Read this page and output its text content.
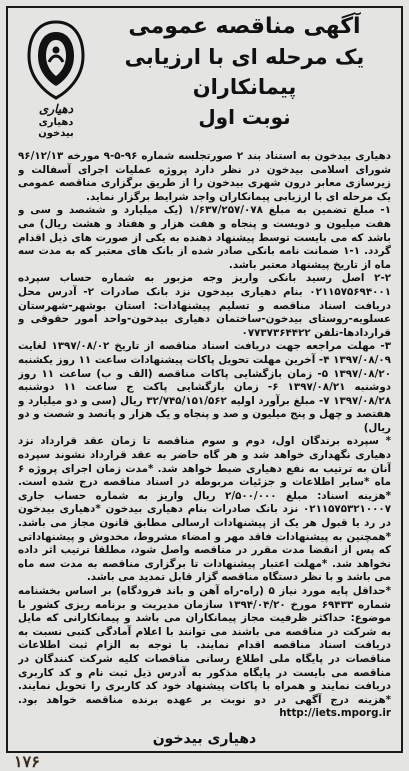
دهیاری
دهیاری بیدخون
آگهی مناقصه عمومی
یک مرحله ای با ارزیابی
پیمانکاران
نوبت اول

دهیاری بیدخون به استناد بند ۲ صورتجلسه شماره ۹۶-۵-۹ مورخه ۹۶/۱۲/۱۳ شورای اسلامی بیدخون در نظر دارد پروژه عملیات اجرای آسفالت و زیرسازی معابر درون شهری بیدخون را از طریق برگزاری مناقصه عمومی یک مرحله ای با ارزیابی پیمانکاران واجد شرایط برگزار نماید.

۱- مبلغ تضمین به مبلغ ۱/۶۳۷/۲۵۷/۰۷۸ (یک میلیارد و ششصد و سی و هفت میلیون و دویست و پنجاه و هفت هزار و هفتاد و هشت ریال) می باشد که می بایست توسط پیشنهاد دهنده به یکی از صورت های ذیل اقدام گردد. ۱-۱ ضمانت نامه بانکی صادر شده از بانک های معتبر که به مدت سه ماه از تاریخ پیشنهاد معتبر باشد.

۲-۲ اصل رسید بانکی واریز وجه مزبور به شماره حساب سپرده ۰۲۱۱۵۷۵۶۹۴۰۰۱ بنام دهیاری بیدخون نزد بانک صادرات ۲- آدرس محل دریافت اسناد مناقصه و تسلیم پیشنهادات: استان بوشهر-شهرستان عسلویه-روستای بیدخون-ساختمان دهیاری بیدخون-واحد امور حقوقی و قراردادها-تلفن ۰۷۷۳۷۳۶۴۴۲۲

۳- مهلت مراجعه جهت دریافت اسناد مناقصه از تاریخ ۱۳۹۷/۰۸/۰۲ لغایت ۱۳۹۷/۰۸/۰۹ ۴- آخرین مهلت تحویل پاکات پیشنهادات ساعت ۱۱ روز یکشنبه ۱۳۹۷/۰۸/۲۰ ۵- زمان بازگشایی پاکات مناقصه (الف و ب) ساعت ۱۱ روز دوشنبه ۱۳۹۷/۰۸/۲۱ ۶- زمان بازگشایی پاکت ج ساعت ۱۱ دوشنبه ۱۳۹۷/۰۸/۲۸ ۷- مبلغ برآورد اولیه ۳۲/۷۴۵/۱۵۱/۵۶۲ ریال (سی و دو میلیارد و هفتصد و چهل و پنج میلیون و صد و پنجاه و یک هزار و پانصد و شصت و دو ریال)

* سپرده برندگان اول، دوم و سوم مناقصه تا زمان عقد قرارداد نزد دهیاری نگهداری خواهد شد و هر گاه حاضر به عقد قرارداد نشوند سپرده آنان به ترتیب به نفع دهیاری ضبط خواهد شد. *مدت زمان اجرای پروژه ۶ ماه *سایر اطلاعات و جزئیات مربوطه در اسناد مناقصه درج شده است. *هزینه اسناد: مبلغ ۲/۵۰۰/۰۰۰ ریال واریز به شماره حساب جاری ۰۲۱۱۵۷۵۳۲۱۰۰۰۷ نزد بانک صادرات بنام دهیاری بیدخون *دهیاری بیدخون در رد یا قبول هر یک از پیشنهادات ارسالی مطابق قانون مجاز می باشد. *همچنین به پیشنهادات فاقد مهر و امضاء مشروط، مخدوش و پیشنهاداتی که پس از انقضا مدت مقرر در مناقصه واصل شود، مطلقا ترتیب اثر داده نخواهد شد. *مهلت اعتبار پیشنهادات تا برگزاری مناقصه به مدت سه ماه می باشد و با نظر دستگاه مناقصه گزار قابل تمدید می باشد.

*حداقل پایه مورد نیاز ۵ (راه-راه آهن و باند فرودگاه) بر اساس بخشنامه شماره ۶۹۴۳۳ مورخ ۱۳۹۴/۰۴/۲۰ سازمان مدیریت و برنامه ریزی کشور با موضوع: حداکثر ظرفیت مجاز پیمانکاران می باشد و پیمانکارانی که مایل به شرکت در مناقصه می باشند می توانند با اعلام آمادگی کتبی نسبت به دریافت اسناد مناقصه اقدام نمایند. با توجه به الزام ثبت اطلاعات مناقصات در پایگاه ملی اطلاع رسانی مناقصات کلیه شرکت کنندگان در مناقصه می بایست در پایگاه مذکور به آدرس ذیل ثبت نام و کد کاربری دریافت نمایند و همراه با پاکات پیشنهاد خود کد کاربری را تحویل نمایند. *هزینه درج آگهی در دو نوبت بر عهده برنده مناقصه خواهد بود. http://iets.mporg.ir

دهیاری بیدخون
۱۷۶
